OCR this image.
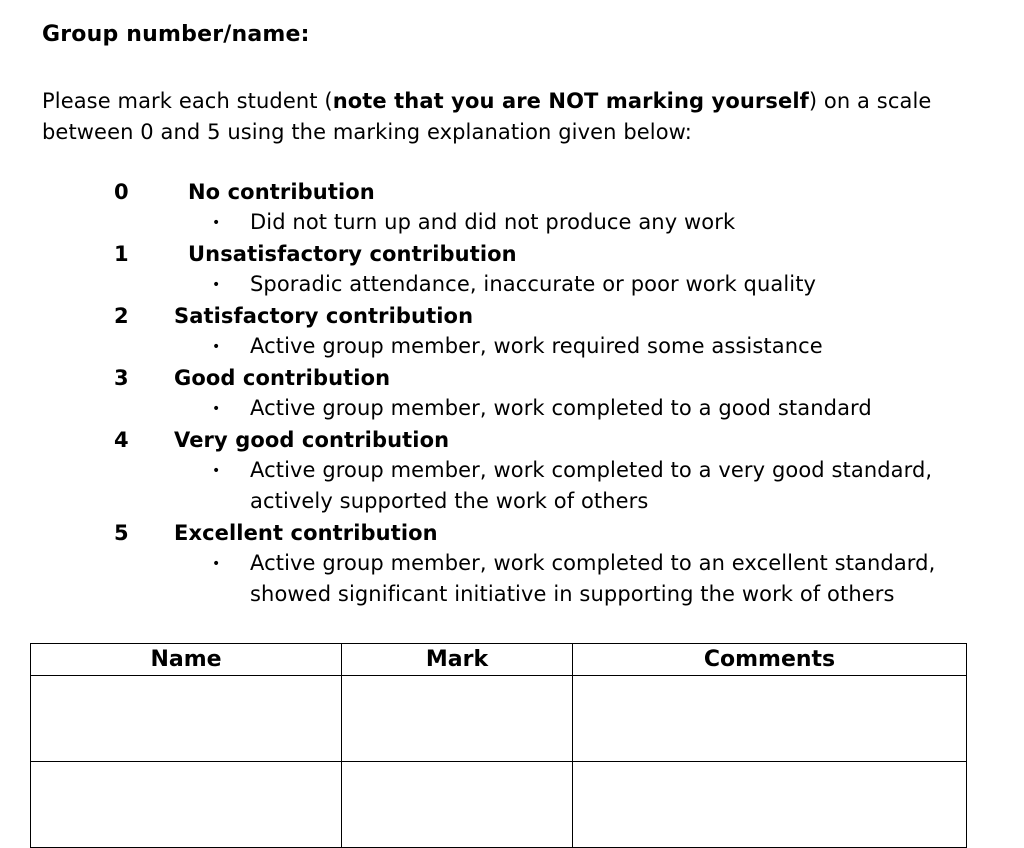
Group number/name:
Please mark each student (note that you are NOT marking yourself) on a scale between 0 and 5 using the marking explanation given below:
0	No contribution
• Did not turn up and did not produce any work
1	Unsatisfactory contribution
• Sporadic attendance, inaccurate or poor work quality
2 Satisfactory contribution
• Active group member, work required some assistance
3 Good contribution
• Active group member, work completed to a good standard
4 Very good contribution
• Active group member, work completed to a very good standard,
actively supported the work of others
5 Excellent contribution
• Active group member, work completed to an excellent standard,
showed significant initiative in supporting the work of others
Name	Mark	Comments
